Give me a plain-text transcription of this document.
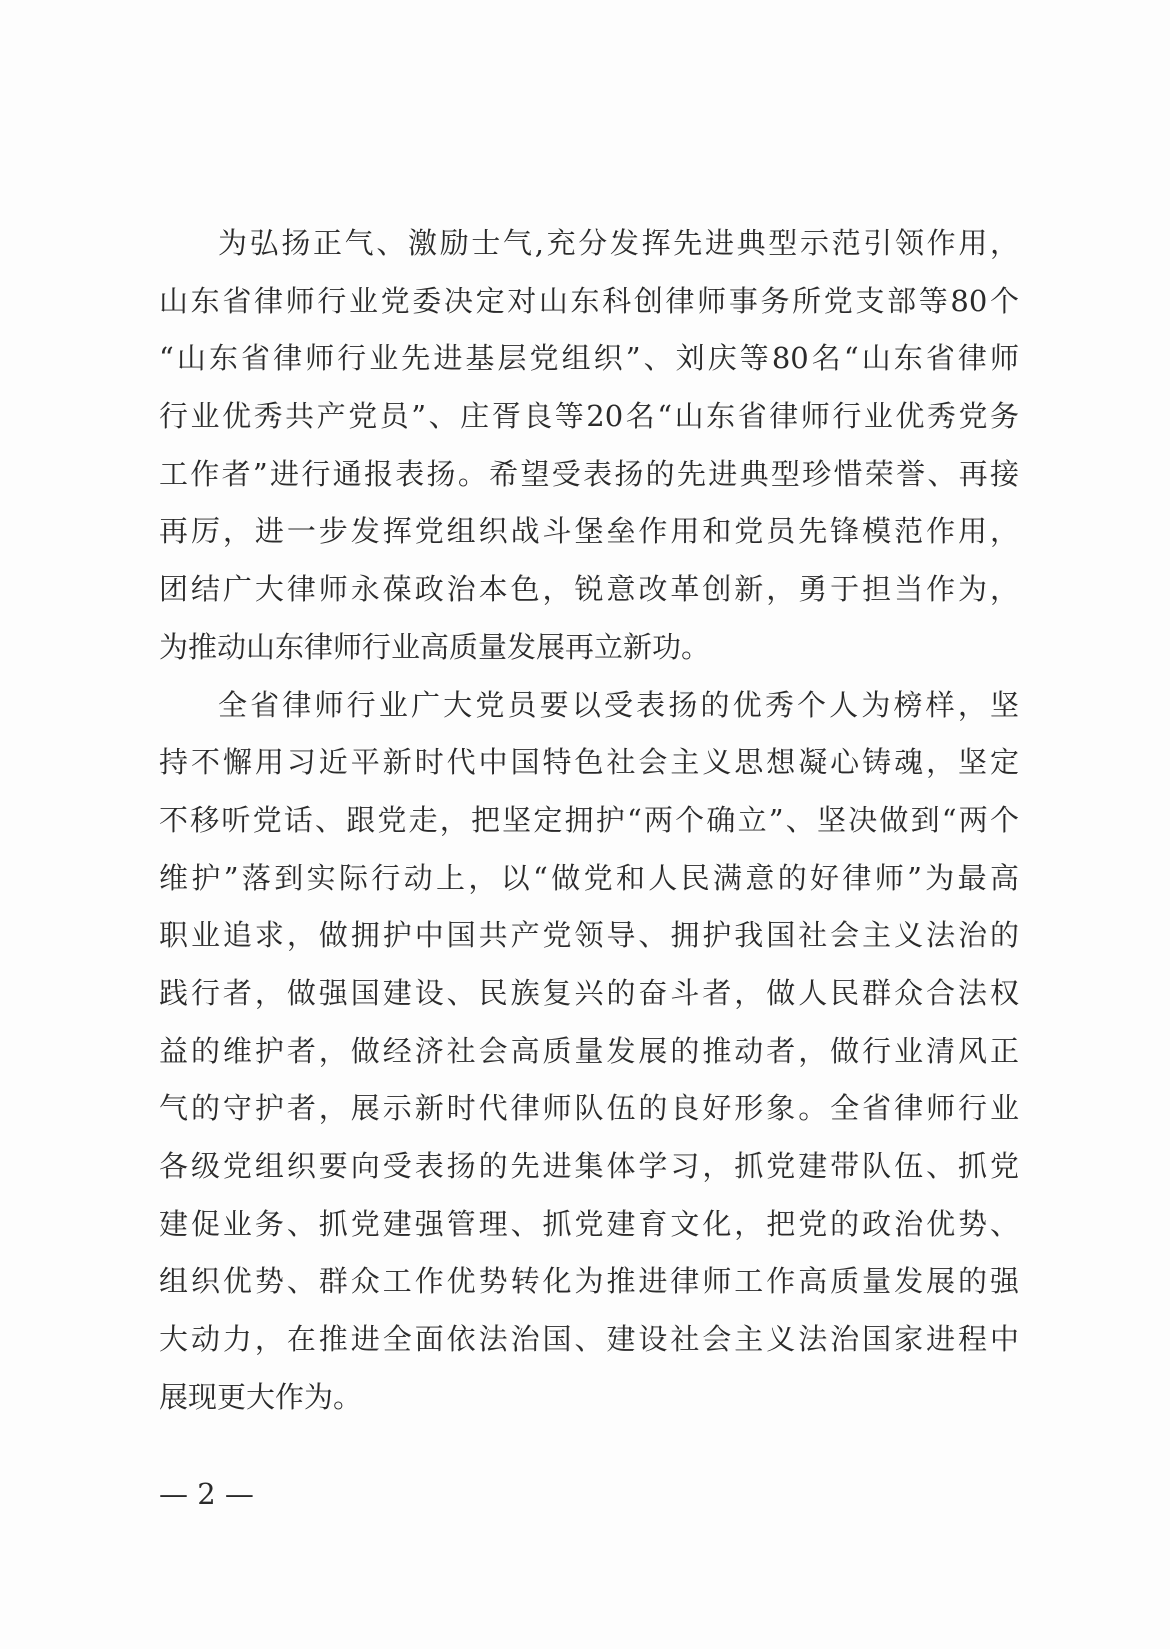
为弘扬正气、激励士气,充分发挥先进典型示范引领作用，
山东省律师行业党委决定对山东科创律师事务所党支部等80个
“山东省律师行业先进基层党组织”、刘庆等80名“山东省律师
行业优秀共产党员”、庄胥良等20名“山东省律师行业优秀党务
工作者”进行通报表扬。希望受表扬的先进典型珍惜荣誉、再接
再厉，进一步发挥党组织战斗堡垒作用和党员先锋模范作用，
团结广大律师永葆政治本色，锐意改革创新，勇于担当作为，
为推动山东律师行业高质量发展再立新功。
全省律师行业广大党员要以受表扬的优秀个人为榜样，坚
持不懈用习近平新时代中国特色社会主义思想凝心铸魂，坚定
不移听党话、跟党走，把坚定拥护“两个确立”、坚决做到“两个
维护”落到实际行动上，以“做党和人民满意的好律师”为最高
职业追求，做拥护中国共产党领导、拥护我国社会主义法治的
践行者，做强国建设、民族复兴的奋斗者，做人民群众合法权
益的维护者，做经济社会高质量发展的推动者，做行业清风正
气的守护者，展示新时代律师队伍的良好形象。全省律师行业
各级党组织要向受表扬的先进集体学习，抓党建带队伍、抓党
建促业务、抓党建强管理、抓党建育文化，把党的政治优势、
组织优势、群众工作优势转化为推进律师工作高质量发展的强
大动力，在推进全面依法治国、建设社会主义法治国家进程中
展现更大作为。
— 2 —
